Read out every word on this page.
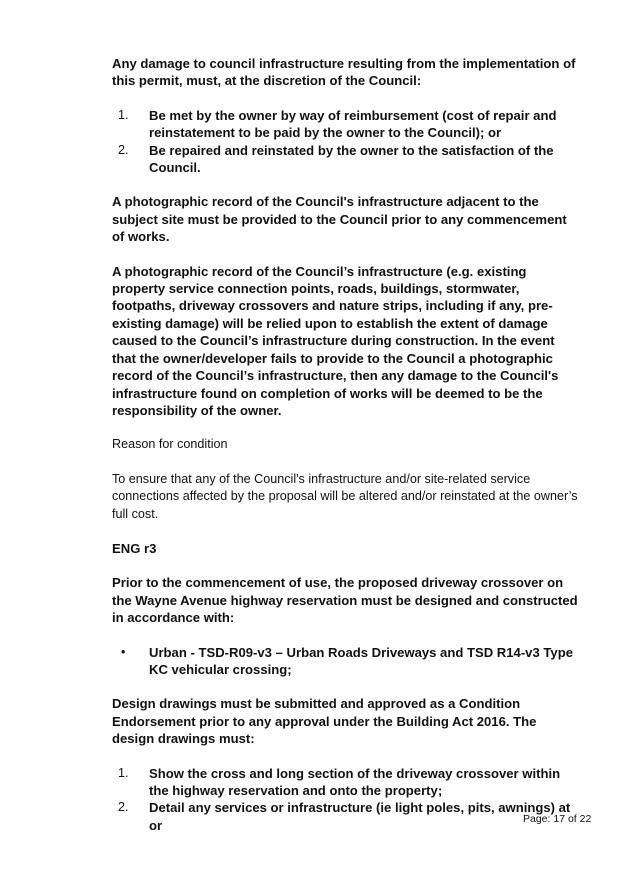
Any damage to council infrastructure resulting from the implementation of this permit, must, at the discretion of the Council:

1. Be met by the owner by way of reimbursement (cost of repair and reinstatement to be paid by the owner to the Council); or
2. Be repaired and reinstated by the owner to the satisfaction of the Council.

A photographic record of the Council's infrastructure adjacent to the subject site must be provided to the Council prior to any commencement of works.

A photographic record of the Council’s infrastructure (e.g. existing property service connection points, roads, buildings, stormwater, footpaths, driveway crossovers and nature strips, including if any, pre-existing damage) will be relied upon to establish the extent of damage caused to the Council’s infrastructure during construction. In the event that the owner/developer fails to provide to the Council a photographic record of the Council’s infrastructure, then any damage to the Council's infrastructure found on completion of works will be deemed to be the responsibility of the owner.

Reason for condition

To ensure that any of the Council's infrastructure and/or site-related service connections affected by the proposal will be altered and/or reinstated at the owner’s full cost.

ENG r3

Prior to the commencement of use, the proposed driveway crossover on the Wayne Avenue highway reservation must be designed and constructed in accordance with:

• Urban - TSD-R09-v3 – Urban Roads Driveways and TSD R14-v3 Type KC vehicular crossing;

Design drawings must be submitted and approved as a Condition Endorsement prior to any approval under the Building Act 2016. The design drawings must:

1. Show the cross and long section of the driveway crossover within the highway reservation and onto the property;
2. Detail any services or infrastructure (ie light poles, pits, awnings) at or	Page: 17 of 22
